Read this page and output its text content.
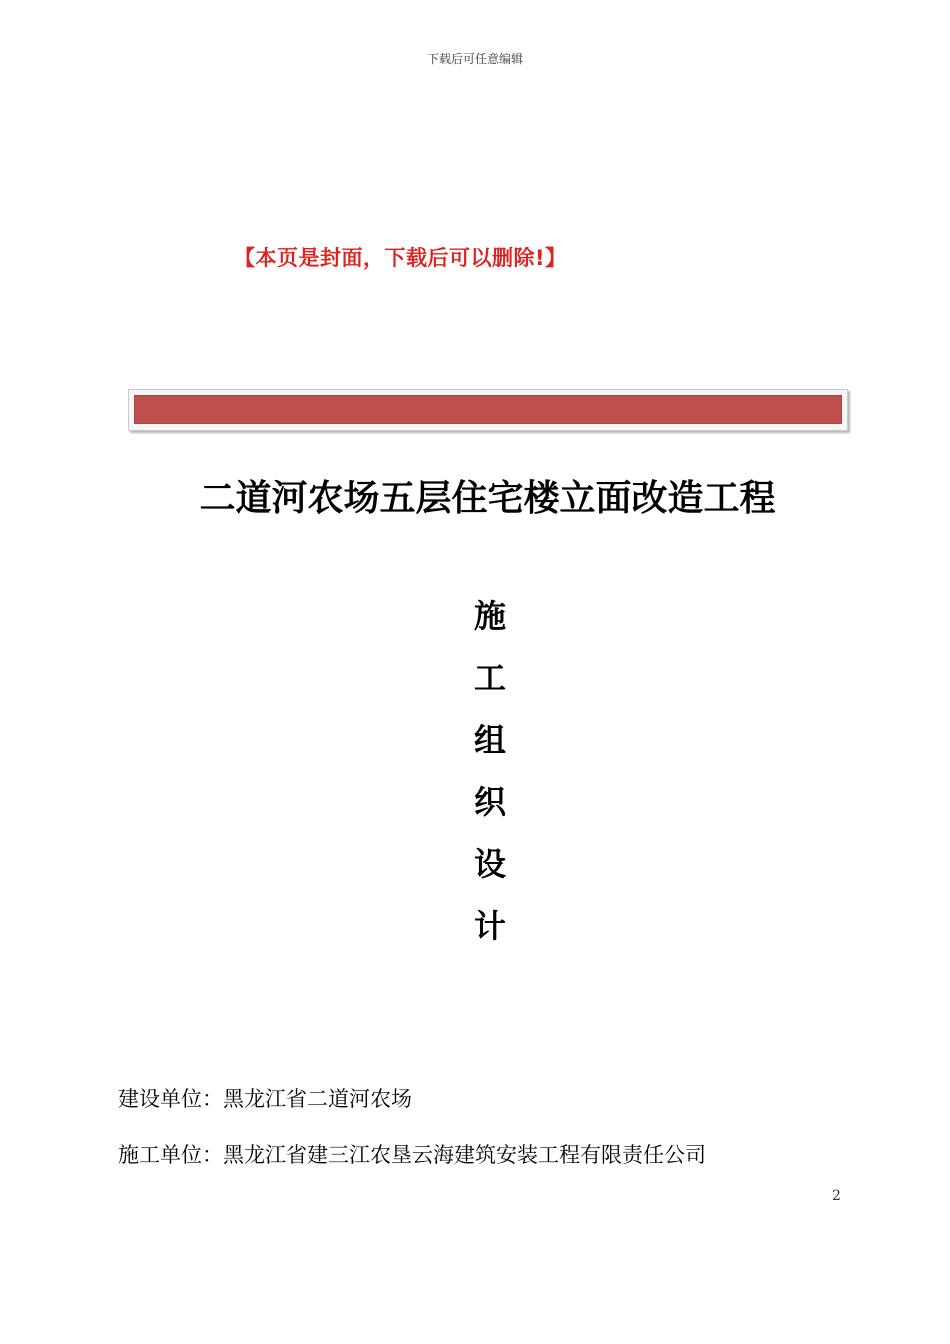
下载后可任意编辑
【本页是封面，下载后可以删除!】
二道河农场五层住宅楼立面改造工程
施
工
组
织
设
计
建设单位：黑龙江省二道河农场
施工单位：黑龙江省建三江农垦云海建筑安装工程有限责任公司
2
